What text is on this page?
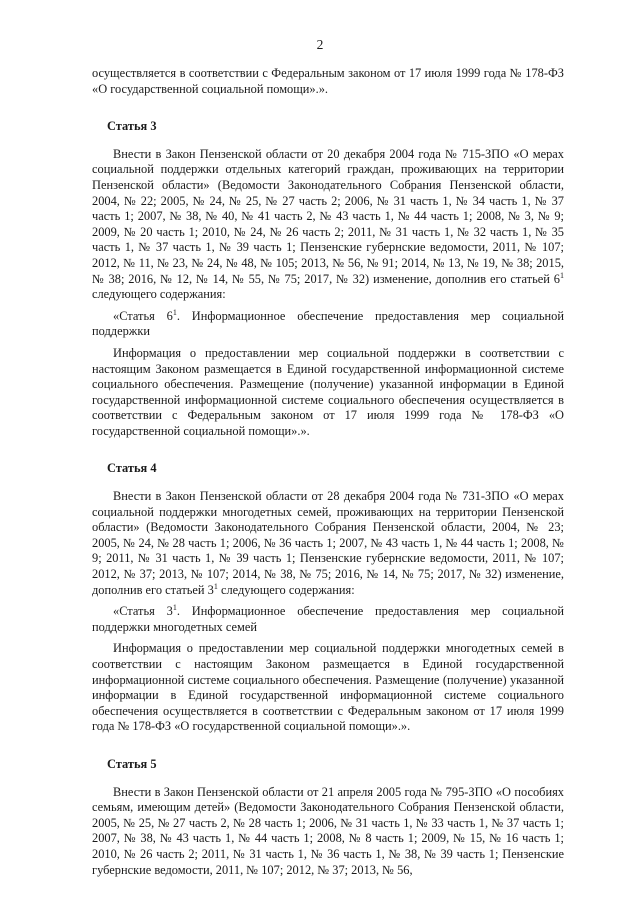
2

осуществляется в соответствии с Федеральным законом от 17 июля 1999 года № 178-ФЗ «О государственной социальной помощи».».

Статья 3

Внести в Закон Пензенской области от 20 декабря 2004 года № 715-ЗПО «О мерах социальной поддержки отдельных категорий граждан, проживающих на территории Пензенской области» (Ведомости Законодательного Собрания Пензенской области, 2004, № 22; 2005, № 24, № 25, № 27 часть 2; 2006, № 31 часть 1, № 34 часть 1, № 37 часть 1; 2007, № 38, № 40, № 41 часть 2, № 43 часть 1, № 44 часть 1; 2008, № 3, № 9; 2009, № 20 часть 1; 2010, № 24, № 26 часть 2; 2011, № 31 часть 1, № 32 часть 1, № 35 часть 1, № 37 часть 1, № 39 часть 1; Пензенские губернские ведомости, 2011, № 107; 2012, № 11, № 23, № 24, № 48, № 105; 2013, № 56, № 91; 2014, № 13, № 19, № 38; 2015, № 38; 2016, № 12, № 14, № 55, № 75; 2017, № 32) изменение, дополнив его статьей $6^1$ следующего содержания:

«Статья $6^1$. Информационное обеспечение предоставления мер социальной поддержки

Информация о предоставлении мер социальной поддержки в соответствии с настоящим Законом размещается в Единой государственной информационной системе социального обеспечения. Размещение (получение) указанной информации в Единой государственной информационной системе социального обеспечения осуществляется в соответствии с Федеральным законом от 17 июля 1999 года № 178-ФЗ «О государственной социальной помощи».».

Статья 4

Внести в Закон Пензенской области от 28 декабря 2004 года № 731-ЗПО «О мерах социальной поддержки многодетных семей, проживающих на территории Пензенской области» (Ведомости Законодательного Собрания Пензенской области, 2004, № 23; 2005, № 24, № 28 часть 1; 2006, № 36 часть 1; 2007, № 43 часть 1, № 44 часть 1; 2008, № 9; 2011, № 31 часть 1, № 39 часть 1; Пензенские губернские ведомости, 2011, № 107; 2012, № 37; 2013, № 107; 2014, № 38, № 75; 2016, № 14, № 75; 2017, № 32) изменение, дополнив его статьей $3^1$ следующего содержания:

«Статья $3^1$. Информационное обеспечение предоставления мер социальной поддержки многодетных семей

Информация о предоставлении мер социальной поддержки многодетных семей в соответствии с настоящим Законом размещается в Единой государственной информационной системе социального обеспечения. Размещение (получение) указанной информации в Единой государственной информационной системе социального обеспечения осуществляется в соответствии с Федеральным законом от 17 июля 1999 года № 178-ФЗ «О государственной социальной помощи».».

Статья 5

Внести в Закон Пензенской области от 21 апреля 2005 года № 795-ЗПО «О пособиях семьям, имеющим детей» (Ведомости Законодательного Собрания Пензенской области, 2005, № 25, № 27 часть 2, № 28 часть 1; 2006, № 31 часть 1, № 33 часть 1, № 37 часть 1; 2007, № 38, № 43 часть 1, № 44 часть 1; 2008, № 8 часть 1; 2009, № 15, № 16 часть 1; 2010, № 26 часть 2; 2011, № 31 часть 1, № 36 часть 1, № 38, № 39 часть 1; Пензенские губернские ведомости, 2011, № 107; 2012, № 37; 2013, № 56,
